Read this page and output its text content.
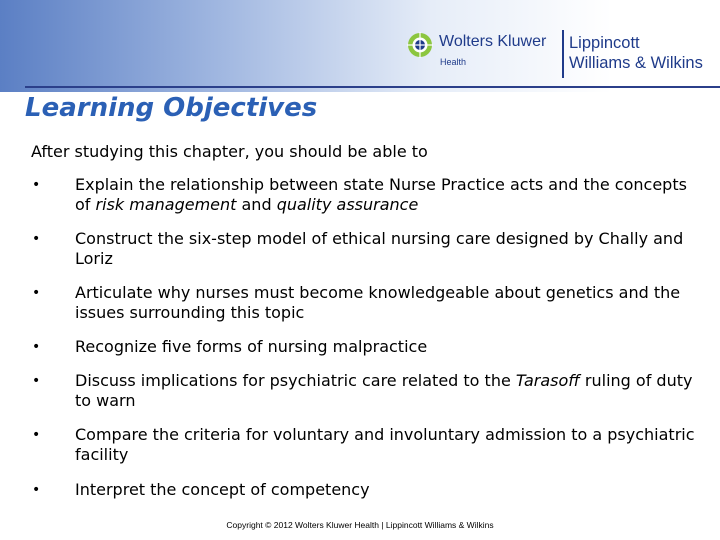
Wolters Kluwer
Health
Lippincott
Williams & Wilkins
Learning Objectives

After studying this chapter, you should be able to

• Explain the relationship between state Nurse Practice acts and the concepts of risk management and quality assurance
• Construct the six-step model of ethical nursing care designed by Chally and Loriz
• Articulate why nurses must become knowledgeable about genetics and the issues surrounding this topic
• Recognize five forms of nursing malpractice
• Discuss implications for psychiatric care related to the Tarasoff ruling of duty to warn
• Compare the criteria for voluntary and involuntary admission to a psychiatric facility
• Interpret the concept of competency
Copyright © 2012 Wolters Kluwer Health | Lippincott Williams & Wilkins
